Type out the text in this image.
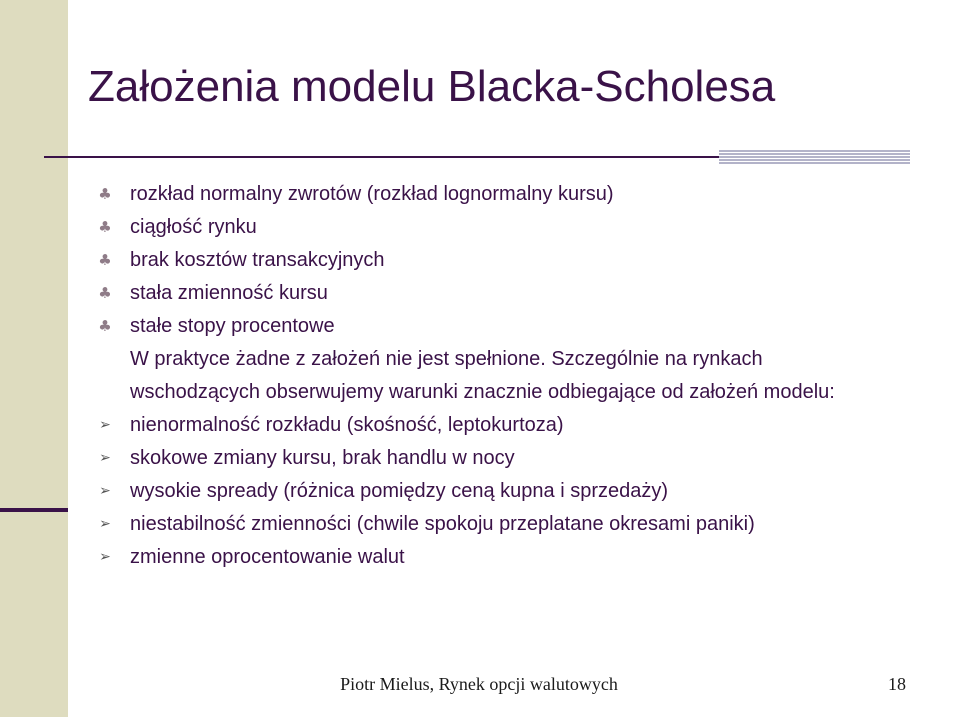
Założenia modelu Blacka-Scholesa
♣ rozkład normalny zwrotów (rozkład lognormalny kursu)
♣ ciągłość rynku
♣ brak kosztów transakcyjnych
♣ stała zmienność kursu
♣ stałe stopy procentowe
W praktyce żadne z założeń nie jest spełnione. Szczególnie na rynkach wschodzących obserwujemy warunki znacznie odbiegające od założeń modelu:
➢ nienormalność rozkładu (skośność, leptokurtoza)
➢ skokowe zmiany kursu, brak handlu w nocy
➢ wysokie spready (różnica pomiędzy ceną kupna i sprzedaży)
➢ niestabilność zmienności (chwile spokoju przeplatane okresami paniki)
➢ zmienne oprocentowanie walut
Piotr Mielus, Rynek opcji walutowych	18
